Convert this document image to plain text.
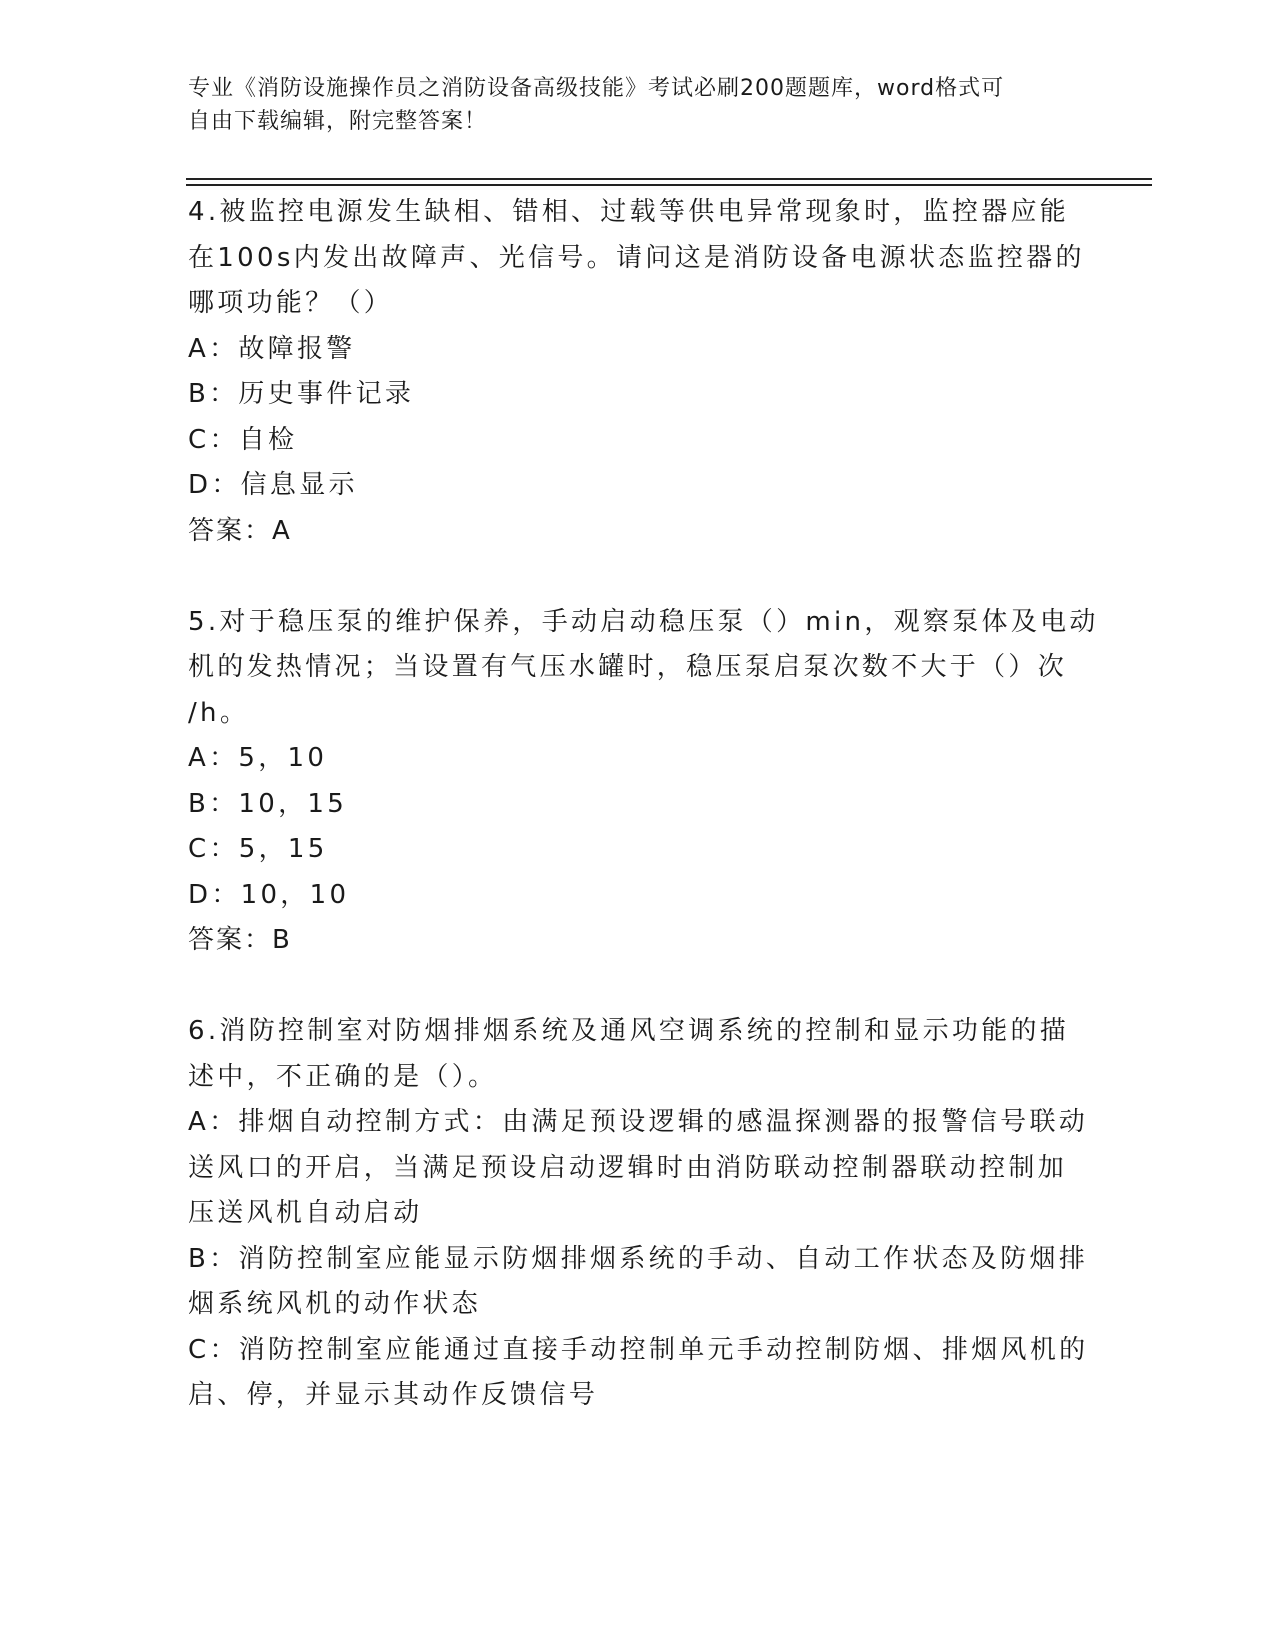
专业《消防设施操作员之消防设备高级技能》考试必刷200题题库，word格式可
自由下载编辑，附完整答案！
4.被监控电源发生缺相、错相、过载等供电异常现象时，监控器应能
在100s内发出故障声、光信号。请问这是消防设备电源状态监控器的
哪项功能？（）
A：故障报警
B：历史事件记录
C：自检
D：信息显示
答案：A
5.对于稳压泵的维护保养，手动启动稳压泵（）min，观察泵体及电动
机的发热情况；当设置有气压水罐时，稳压泵启泵次数不大于（）次
/h。
A：5，10
B：10，15
C：5，15
D：10，10
答案：B
6.消防控制室对防烟排烟系统及通风空调系统的控制和显示功能的描
述中，不正确的是（）。
A：排烟自动控制方式：由满足预设逻辑的感温探测器的报警信号联动
送风口的开启，当满足预设启动逻辑时由消防联动控制器联动控制加
压送风机自动启动
B：消防控制室应能显示防烟排烟系统的手动、自动工作状态及防烟排
烟系统风机的动作状态
C：消防控制室应能通过直接手动控制单元手动控制防烟、排烟风机的
启、停，并显示其动作反馈信号
